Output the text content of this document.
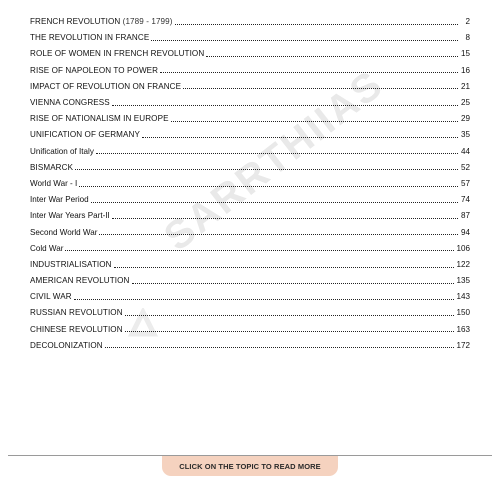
SARRTHIIAS
FRENCH REVOLUTION (1789 - 1799)	2
THE REVOLUTION IN FRANCE	8
ROLE OF WOMEN IN FRENCH REVOLUTION	15
RISE OF NAPOLEON TO POWER	16
IMPACT OF REVOLUTION ON FRANCE	21
VIENNA CONGRESS	25
RISE OF NATIONALISM IN EUROPE	29
UNIFICATION OF GERMANY	35
Unification of Italy	44
BISMARCK	52
World War - I	57
Inter War Period	74
Inter War Years Part-II	87
Second World War	94
Cold War	106
INDUSTRIALISATION	122
AMERICAN REVOLUTION	135
CIVIL WAR	143
RUSSIAN REVOLUTION	150
CHINESE REVOLUTION	163
DECOLONIZATION	172
CLICK ON THE TOPIC TO READ MORE
